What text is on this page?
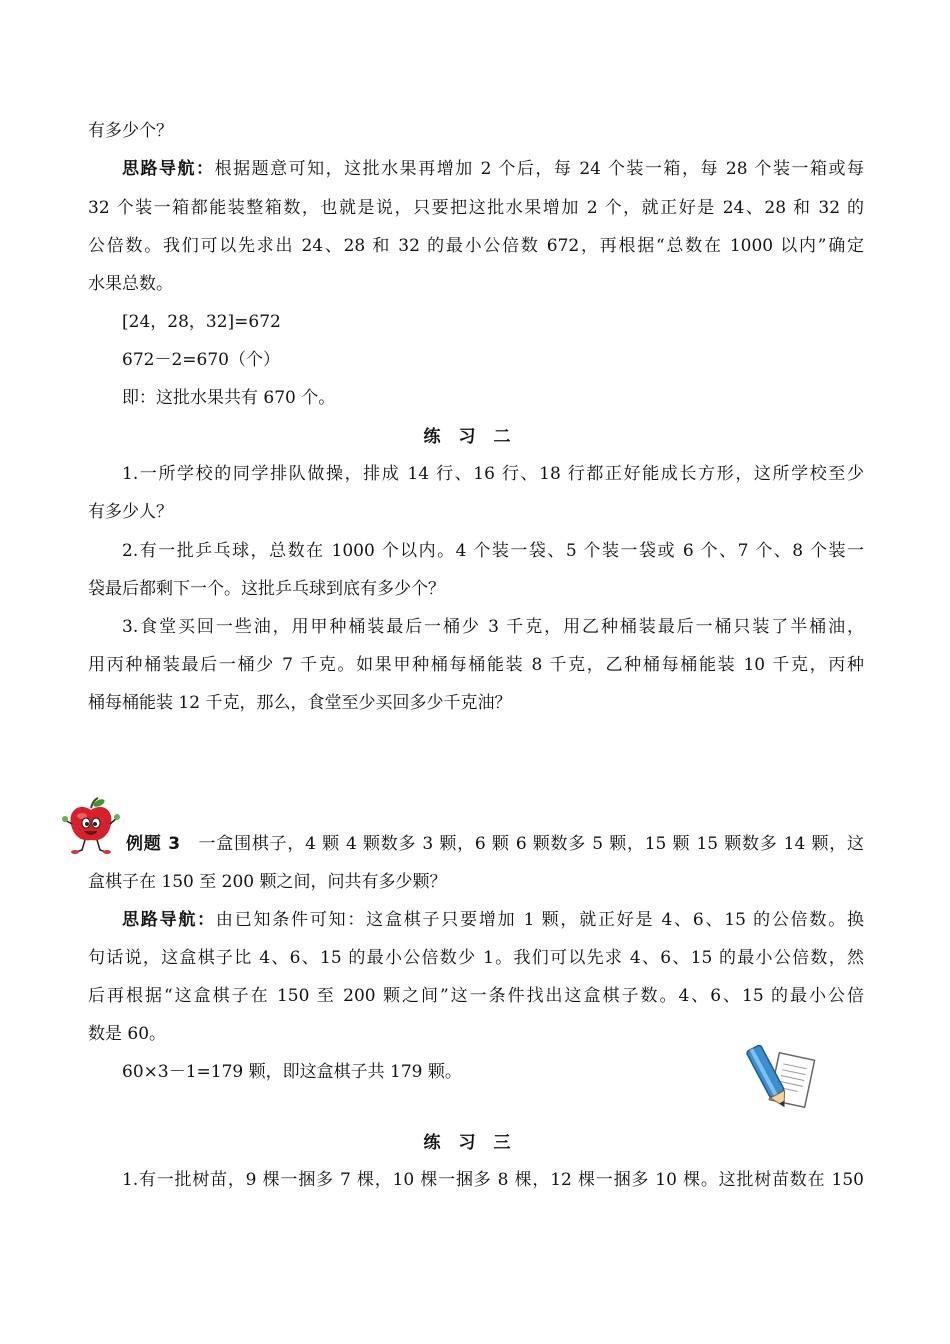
有多少个？
思路导航：根据题意可知，这批水果再增加 2 个后，每 24 个装一箱，每 28 个装一箱或每
32 个装一箱都能装整箱数，也就是说，只要把这批水果增加 2 个，就正好是 24、28 和 32 的
公倍数。我们可以先求出 24、28 和 32 的最小公倍数 672，再根据“总数在 1000 以内”确定
水果总数。
[24，28，32]=672
672－2=670（个）
即：这批水果共有 670 个。
练习二
1.一所学校的同学排队做操，排成 14 行、16 行、18 行都正好能成长方形，这所学校至少
有多少人？
2.有一批乒乓球，总数在 1000 个以内。4 个装一袋、5 个装一袋或 6 个、7 个、8 个装一
袋最后都剩下一个。这批乒乓球到底有多少个？
3.食堂买回一些油，用甲种桶装最后一桶少 3 千克，用乙种桶装最后一桶只装了半桶油，
用丙种桶装最后一桶少 7 千克。如果甲种桶每桶能装 8 千克，乙种桶每桶能装 10 千克，丙种
桶每桶能装 12 千克，那么，食堂至少买回多少千克油？
例题 3　一盒围棋子，4 颗 4 颗数多 3 颗，6 颗 6 颗数多 5 颗，15 颗 15 颗数多 14 颗，这
盒棋子在 150 至 200 颗之间，问共有多少颗？
思路导航：由已知条件可知：这盒棋子只要增加 1 颗，就正好是 4、6、15 的公倍数。换
句话说，这盒棋子比 4、6、15 的最小公倍数少 1。我们可以先求 4、6、15 的最小公倍数，然
后再根据“这盒棋子在 150 至 200 颗之间”这一条件找出这盒棋子数。4、6、15 的最小公倍
数是 60。
60×3－1=179 颗，即这盒棋子共 179 颗。
练习三
1.有一批树苗，9 棵一捆多 7 棵，10 棵一捆多 8 棵，12 棵一捆多 10 棵。这批树苗数在 150
